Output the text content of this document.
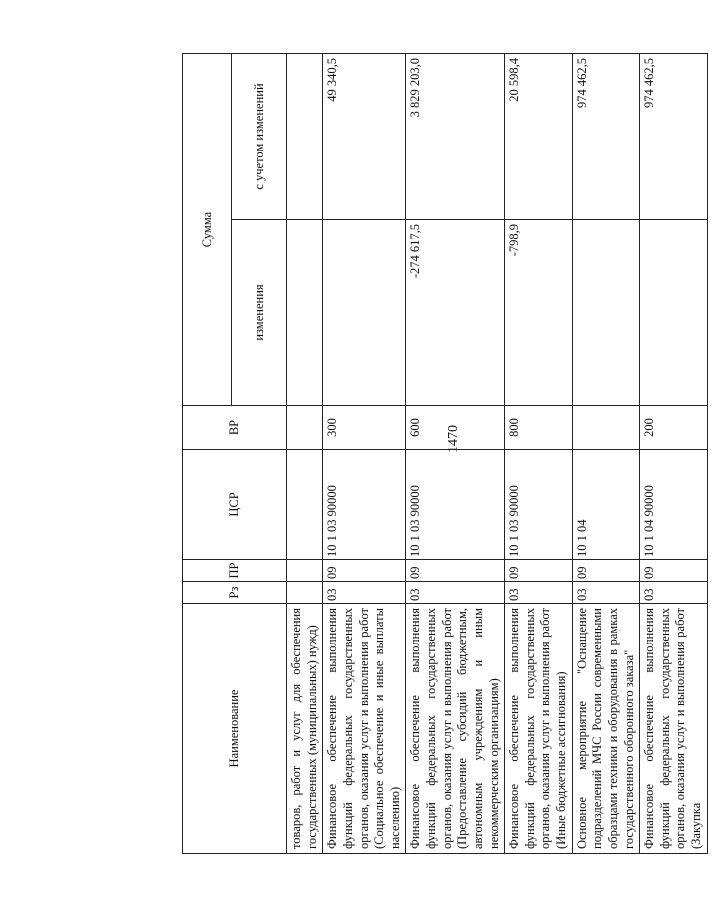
1470
Наименование	Рз	ПР	ЦСР	ВР	Сумма	
					изменения	с учетом изменений
товаров, работ и услуг для обеспечения государственных (муниципальных) нужд)						
Финансовое обеспечение выполнения функций федеральных государственных органов, оказания услуг и выполнения работ (Социальное обеспечение и иные выплаты населению)	03	09	10 1 03 90000	300		49 340,5
Финансовое обеспечение выполнения функций федеральных государственных органов, оказания услуг и выполнения работ (Предоставление субсидий бюджетным, автономным учреждениям и иным некоммерческим организациям)	03	09	10 1 03 90000	600	-274 617,5	3 829 203,0
Финансовое обеспечение выполнения функций федеральных государственных органов, оказания услуг и выполнения работ (Иные бюджетные ассигнования)	03	09	10 1 03 90000	800	-798,9	20 598,4
Основное мероприятие "Оснащение подразделений МЧС России современными образцами техники и оборудования в рамках государственного оборонного заказа"	03	09	10 1 04			974 462,5
Финансовое обеспечение выполнения функций федеральных государственных органов, оказания услуг и выполнения работ (Закупка	03	09	10 1 04 90000	200		974 462,5
